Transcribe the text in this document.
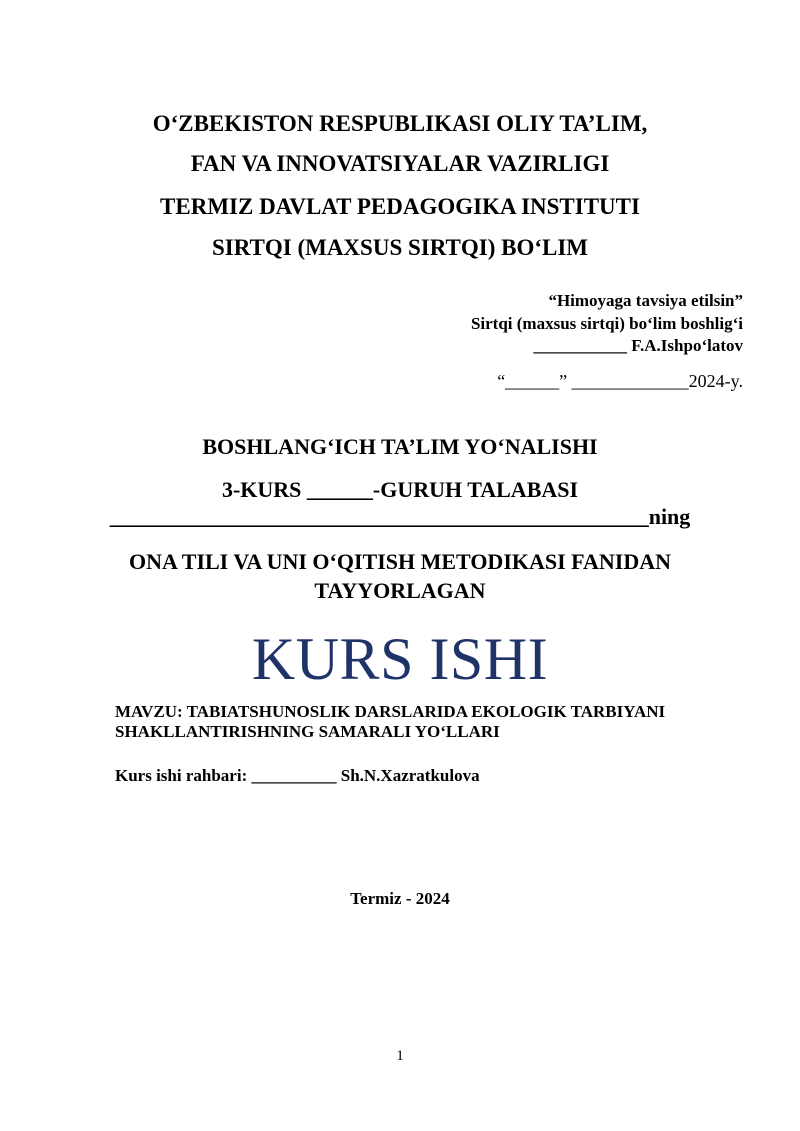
O‘ZBEKISTON RESPUBLIKASI OLIY TA’LIM,
FAN VA INNOVATSIYALAR VAZIRLIGI
TERMIZ DAVLAT PEDAGOGIKA INSTITUTI
SIRTQI (MAXSUS SIRTQI) BO‘LIM
“Himoyaga tavsiya etilsin”
Sirtqi (maxsus sirtqi) bo‘lim boshlig‘i
___________ F.A.Ishpo‘latov
“______” _____________2024-y.
BOSHLANG‘ICH TA’LIM YO‘NALISHI
3-KURS ______-GURUH TALABASI
_________________________________________________ning
ONA TILI VA UNI O‘QITISH METODIKASI FANIDAN
TAYYORLAGAN
KURS ISHI
MAVZU: TABIATSHUNOSLIK DARSLARIDA EKOLOGIK TARBIYANI
SHAKLLANTIRISHNING SAMARALI YO‘LLARI
Kurs ishi rahbari: __________ Sh.N.Xazratkulova
Termiz - 2024
1
